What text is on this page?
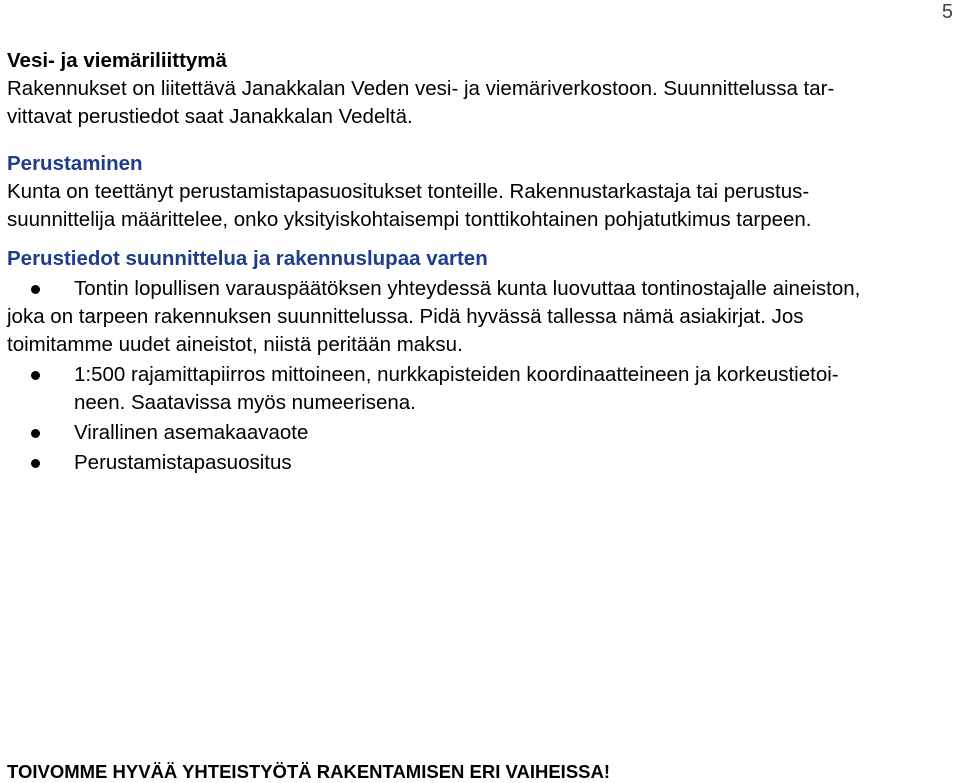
5

Vesi- ja viemäriliittymä

Rakennukset on liitettävä Janakkalan Veden vesi- ja viemäriverkostoon. Suunnittelussa tar-

vittavat perustiedot saat Janakkalan Vedeltä.

Perustaminen

Kunta on teettänyt perustamistapasuositukset tonteille. Rakennustarkastaja tai perustus-

suunnittelija määrittelee, onko yksityiskohtaisempi tonttikohtainen pohjatutkimus tarpeen.

Perustiedot suunnittelua ja rakennuslupaa varten

Tontin lopullisen varauspäätöksen yhteydessä kunta luovuttaa tontinostajalle aineiston,

joka on tarpeen rakennuksen suunnittelussa. Pidä hyvässä tallessa nämä asiakirjat. Jos

toimitamme uudet aineistot, niistä peritään maksu.

1:500 rajamittapiirros mittoineen, nurkkapisteiden koordinaatteineen ja korkeustietoi-

neen. Saatavissa myös numeerisena.

Virallinen asemakaavaote

Perustamistapasuositus

TOIVOMME HYVÄÄ YHTEISTYÖTÄ RAKENTAMISEN ERI VAIHEISSA!
